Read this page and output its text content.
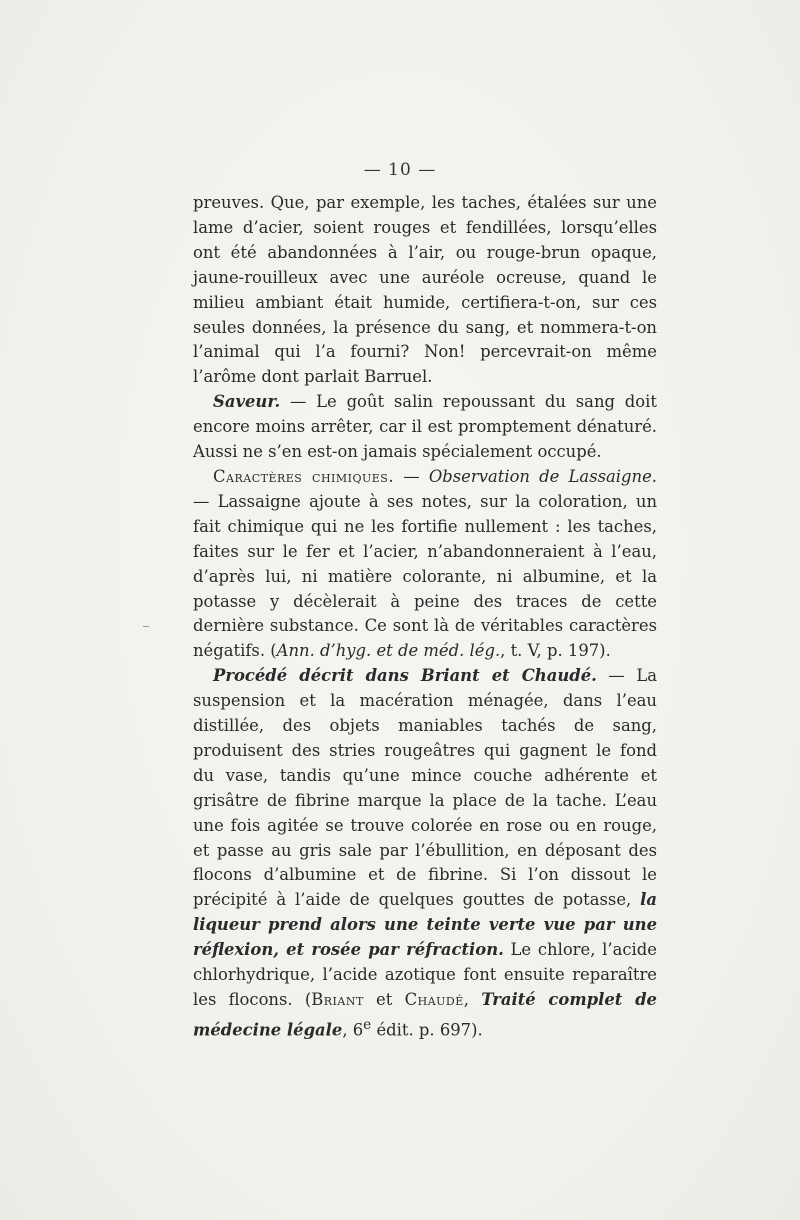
— 10 —

preuves. Que, par exemple, les taches, étalées sur une lame d’acier, soient rouges et fendillées, lorsqu’elles ont été abandonnées à l’air, ou rouge-brun opaque, jaune-rouilleux avec une auréole ocreuse, quand le milieu ambiant était humide, certifiera-t-on, sur ces seules données, la présence du sang, et nommera-t-on l’animal qui l’a fourni? Non! percevrait-on même l’arôme dont parlait Barruel.

Saveur. — Le goût salin repoussant du sang doit encore moins arrêter, car il est promptement dénaturé. Aussi ne s’en est-on jamais spécialement occupé.

Caractères chimiques. — Observation de Lassaigne. — Lassaigne ajoute à ses notes, sur la coloration, un fait chimique qui ne les fortifie nullement : les taches, faites sur le fer et l’acier, n’abandonneraient à l’eau, d’après lui, ni matière colorante, ni albumine, et la potasse y décèlerait à peine des traces de cette dernière substance. Ce sont là de véritables caractères négatifs. (Ann. d’hyg. et de méd. lég., t. V, p. 197).

Procédé décrit dans Briant et Chaudé. — La suspension et la macération ménagée, dans l’eau distillée, des objets maniables tachés de sang, produisent des stries rougeâtres qui gagnent le fond du vase, tandis qu’une mince couche adhérente et grisâtre de fibrine marque la place de la tache. L’eau une fois agitée se trouve colorée en rose ou en rouge, et passe au gris sale par l’ébullition, en déposant des flocons d’albumine et de fibrine. Si l’on dissout le précipité à l’aide de quelques gouttes de potasse, la liqueur prend alors une teinte verte vue par une réflexion, et rosée par réfraction. Le chlore, l’acide chlorhydrique, l’acide azotique font ensuite reparaître les flocons. (Briant et Chaudé, Traité complet de médecine légale, 6e édit. p. 697).
